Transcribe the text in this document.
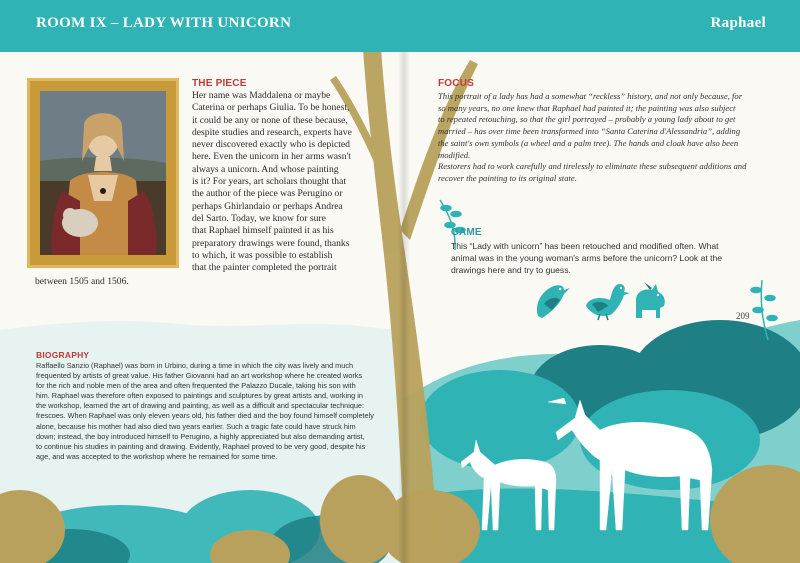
ROOM IX – LADY WITH UNICORN	Raphael
THE PIECE
Her name was Maddalena or maybe
Caterina or perhaps Giulia. To be honest,
it could be any or none of these because,
despite studies and research, experts have
never discovered exactly who is depicted
here. Even the unicorn in her arms wasn't
always a unicorn. And whose painting
is it? For years, art scholars thought that
the author of the piece was Perugino or
perhaps Ghirlandaio or perhaps Andrea
del Sarto. Today, we know for sure
that Raphael himself painted it as his
preparatory drawings were found, thanks
to which, it was possible to establish
that the painter completed the portrait
between 1505 and 1506.
BIOGRAPHY
Raffaello Sanzio (Raphael) was born in Urbino, during a time in which the city was lively and much
frequented by artists of great value. His father Giovanni had an art workshop where he created works
for the rich and noble men of the area and often frequented the Palazzo Ducale, taking his son with
him. Raphael was therefore often exposed to paintings and sculptures by great artists and, working in
the workshop, learned the art of drawing and painting, as well as a difficult and spectacular technique:
frescoes. When Raphael was only eleven years old, his father died and the boy found himself completely
alone, because his mother had also died two years earlier. Such a tragic fate could have struck him
down; instead, the boy introduced himself to Perugino, a highly appreciated but also demanding artist,
to continue his studies in painting and drawing. Evidently, Raphael proved to be very good, despite his
age, and was accepted to the workshop where he remained for some time.
FOCUS
This portrait of a lady has had a somewhat “reckless” history, and not only because, for
so many years, no one knew that Raphael had painted it; the painting was also subject
to repeated retouching, so that the girl portrayed – probably a young lady about to get
married – has over time been transformed into “Santa Caterina d'Alessandria”, adding
the saint's own symbols (a wheel and a palm tree). The hands and cloak have also been
modified.
Restorers had to work carefully and tirelessly to eliminate these subsequent additions and
recover the painting to its original state.
GAME
This “Lady with unicorn” has been retouched and modified often. What
animal was in the young woman's arms before the unicorn? Look at the
drawings here and try to guess.
209
